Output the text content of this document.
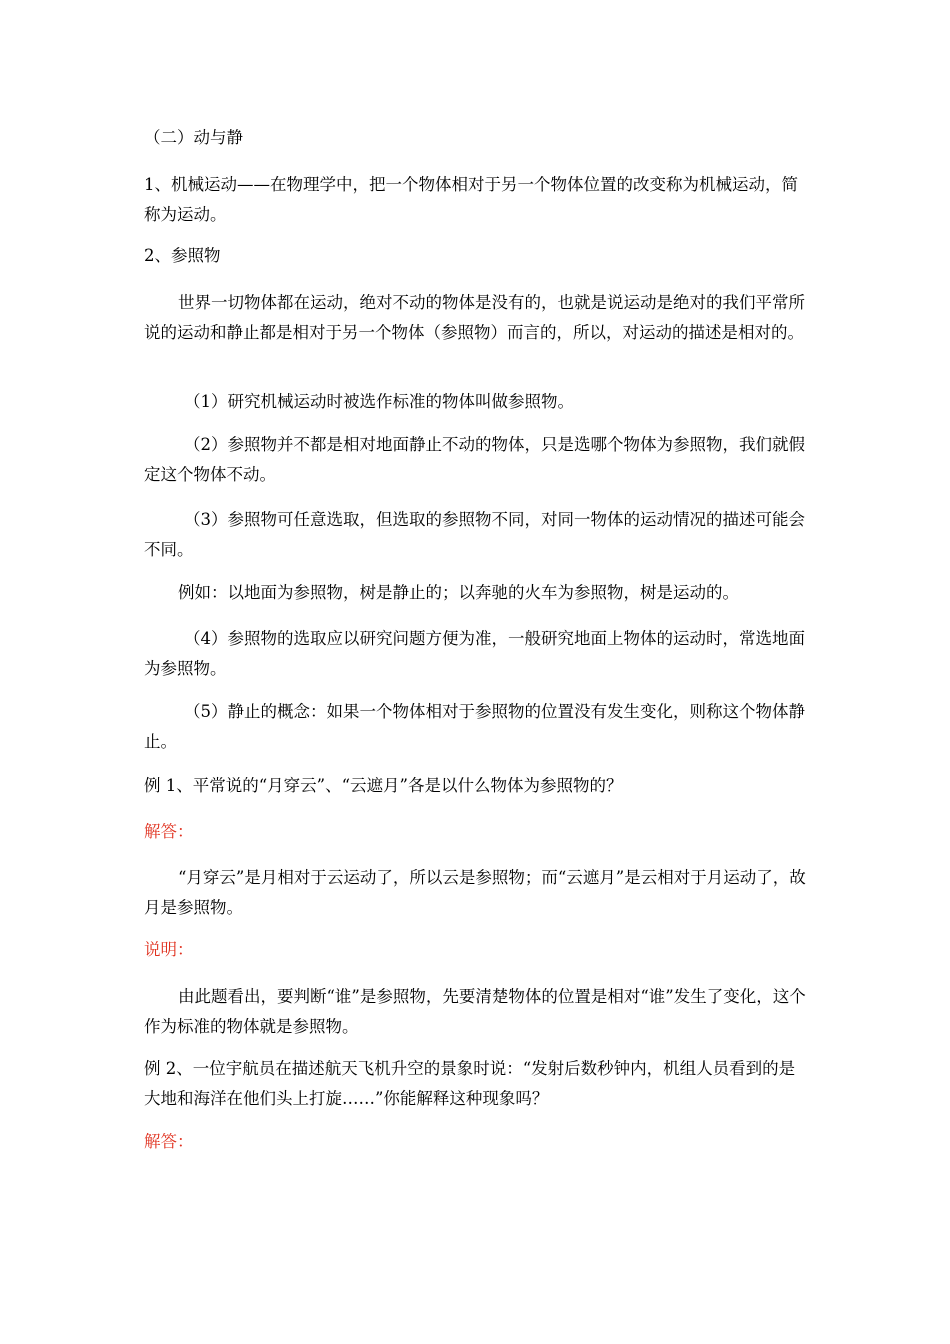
（二）动与静

1、机械运动——在物理学中，把一个物体相对于另一个物体位置的改变称为机械运动，简称为运动。

2、参照物

世界一切物体都在运动，绝对不动的物体是没有的，也就是说运动是绝对的我们平常所说的运动和静止都是相对于另一个物体（参照物）而言的，所以，对运动的描述是相对的。

（1）研究机械运动时被选作标准的物体叫做参照物。

（2）参照物并不都是相对地面静止不动的物体，只是选哪个物体为参照物，我们就假定这个物体不动。

（3）参照物可任意选取，但选取的参照物不同，对同一物体的运动情况的描述可能会不同。

例如：以地面为参照物，树是静止的；以奔驰的火车为参照物，树是运动的。

（4）参照物的选取应以研究问题方便为准，一般研究地面上物体的运动时，常选地面为参照物。

（5）静止的概念：如果一个物体相对于参照物的位置没有发生变化，则称这个物体静止。

例 1、平常说的“月穿云”、“云遮月”各是以什么物体为参照物的？

解答：

“月穿云”是月相对于云运动了，所以云是参照物；而“云遮月”是云相对于月运动了，故月是参照物。

说明：

由此题看出，要判断“谁”是参照物，先要清楚物体的位置是相对“谁”发生了变化，这个作为标准的物体就是参照物。

例 2、一位宇航员在描述航天飞机升空的景象时说：“发射后数秒钟内，机组人员看到的是大地和海洋在他们头上打旋……”你能解释这种现象吗？

解答：
